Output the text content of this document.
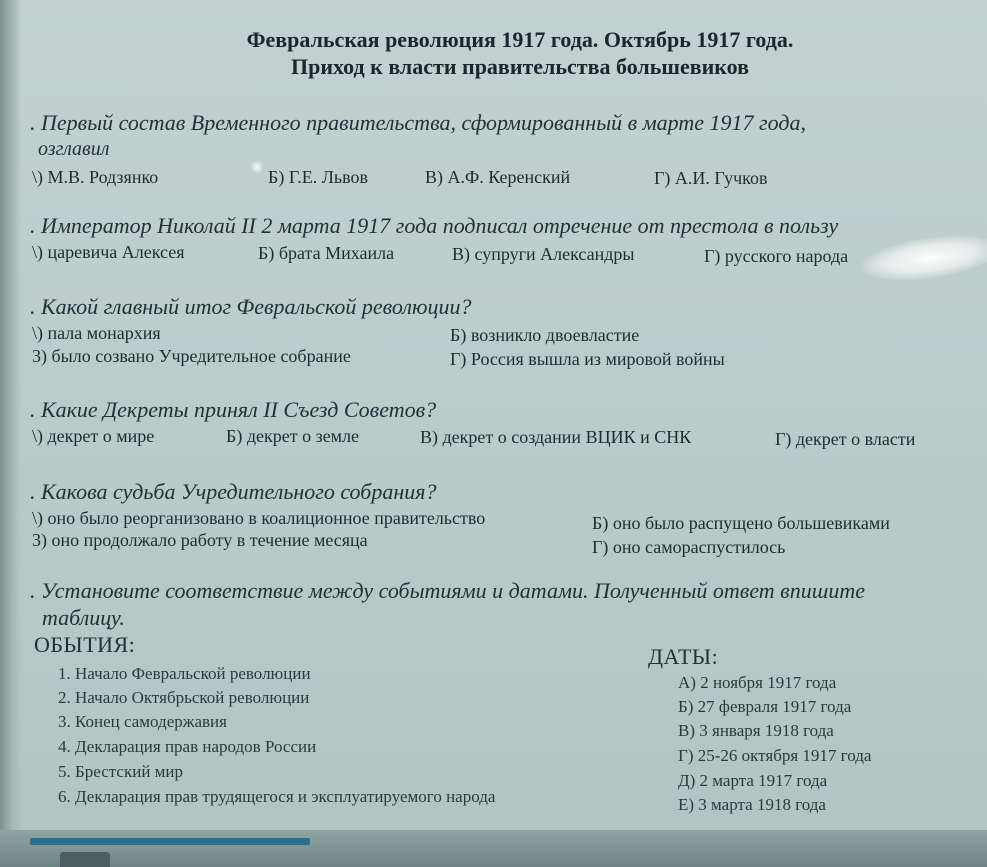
Февральская революция 1917 года. Октябрь 1917 года.
Приход к власти правительства большевиков
. Первый состав Временного правительства, сформированный в марте 1917 года,
озглавил
\) М.В. Родзянко	Б) Г.Е. Львов	В) А.Ф. Керенский	Г) А.И. Гучков
. Император Николай II 2 марта 1917 года подписал отречение от престола в пользу
\) царевича Алексея	Б) брата Михаила	В) супруги Александры	Г) русского народа
. Какой главный итог Февральской революции?
\) пала монархия	Б) возникло двоевластие
3) было созвано Учредительное собрание	Г) Россия вышла из мировой войны
. Какие Декреты принял II Съезд Советов?
\) декрет о мире	Б) декрет о земле	В) декрет о создании ВЦИК и СНК	Г) декрет о власти
. Какова судьба Учредительного собрания?
\) оно было реорганизовано в коалиционное правительство	Б) оно было распущено большевиками
3) оно продолжало работу в течение месяца	Г) оно самораспустилось
. Установите соответствие между событиями и датами. Полученный ответ впишите
таблицу.
ОБЫТИЯ:	ДАТЫ:
1. Начало Февральской революции
2. Начало Октябрьской революции
3. Конец самодержавия
4. Декларация прав народов России
5. Брестский мир
6. Декларация прав трудящегося и эксплуатируемого народа
А) 2 ноября 1917 года
Б) 27 февраля 1917 года
В) 3 января 1918 года
Г) 25-26 октября 1917 года
Д) 2 марта 1917 года
Е) 3 марта 1918 года
